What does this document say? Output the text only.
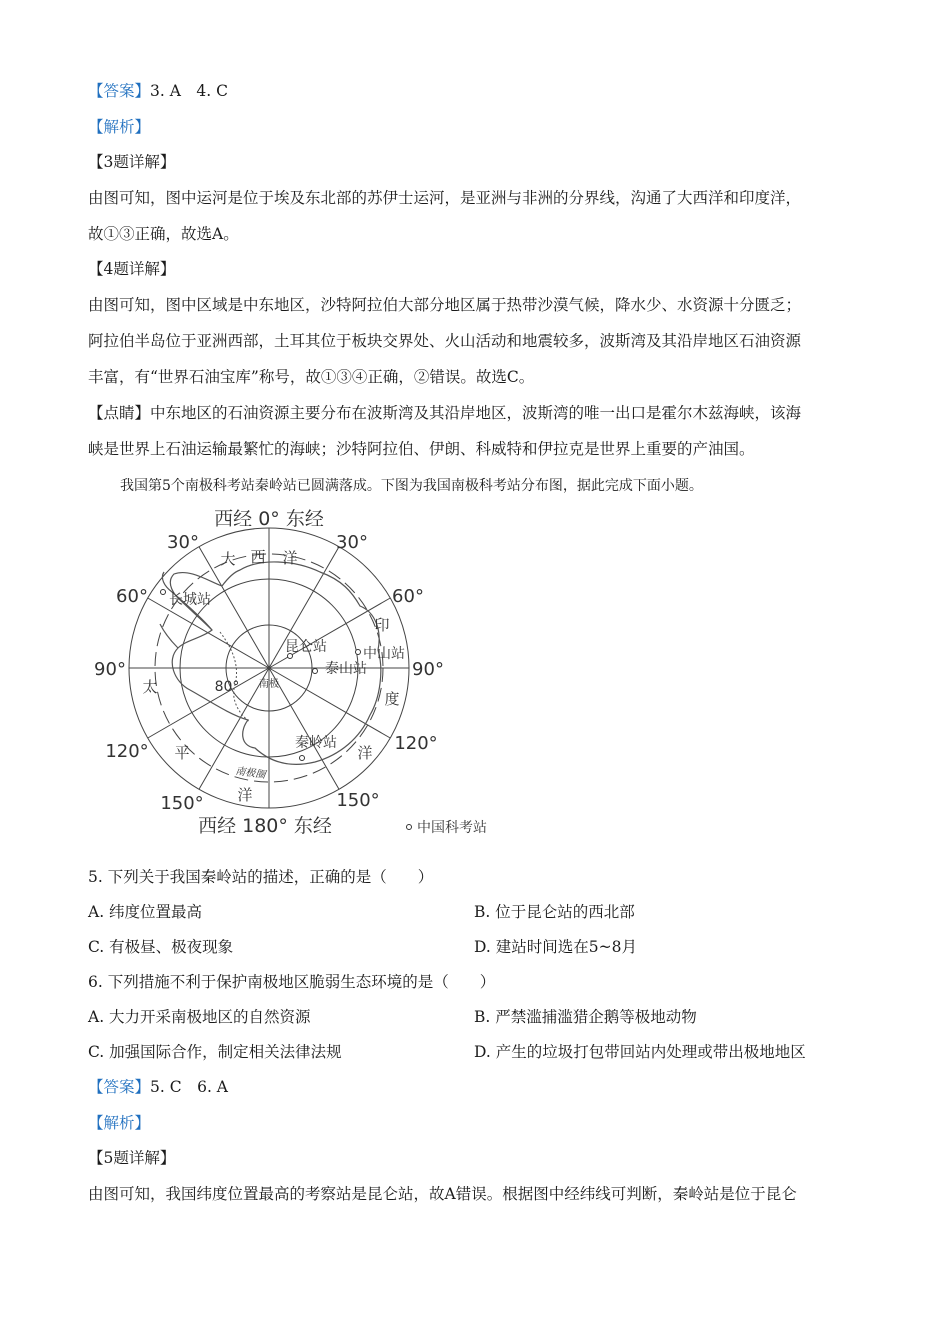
【答案】3. A　4. C
【解析】
【3题详解】
由图可知，图中运河是位于埃及东北部的苏伊士运河，是亚洲与非洲的分界线，沟通了大西洋和印度洋，
故①③正确，故选A。
【4题详解】
由图可知，图中区域是中东地区，沙特阿拉伯大部分地区属于热带沙漠气候，降水少、水资源十分匮乏；
阿拉伯半岛位于亚洲西部，土耳其位于板块交界处、火山活动和地震较多，波斯湾及其沿岸地区石油资源
丰富，有“世界石油宝库”称号，故①③④正确，②错误。故选C。
【点睛】中东地区的石油资源主要分布在波斯湾及其沿岸地区，波斯湾的唯一出口是霍尔木兹海峡，该海
峡是世界上石油运输最繁忙的海峡；沙特阿拉伯、伊朗、科威特和伊拉克是世界上重要的产油国。
我国第5个南极科考站秦岭站已圆满落成。下图为我国南极科考站分布图，据此完成下面小题。
西经 0° 东经
西经 180° 东经
30°	30°
60°	60°
90°	90°
120°	120°
150°	150°
80°
大 西 洋
印
度
洋
太
平
洋
南极
南极圈
长城站
昆仑站
泰山站
中山站
秦岭站
中国科考站
5. 下列关于我国秦岭站的描述，正确的是（　　）
A. 纬度位置最高	B. 位于昆仑站的西北部
C. 有极昼、极夜现象	D. 建站时间选在5~8月
6. 下列措施不利于保护南极地区脆弱生态环境的是（　　）
A. 大力开采南极地区的自然资源	B. 严禁滥捕滥猎企鹅等极地动物
C. 加强国际合作，制定相关法律法规	D. 产生的垃圾打包带回站内处理或带出极地地区
【答案】5. C　6. A
【解析】
【5题详解】
由图可知，我国纬度位置最高的考察站是昆仑站，故A错误。根据图中经纬线可判断，秦岭站是位于昆仑
